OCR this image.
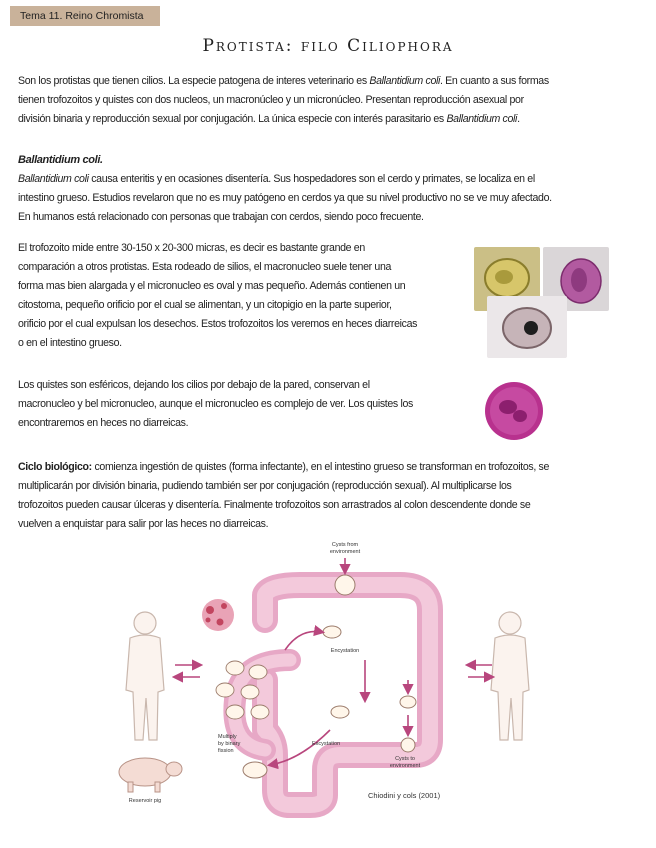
Tema 11. Reino Chromista
Protista: filo Ciliophora
Son los protistas que tienen cilios. La especie patogena de interes veterinario es Ballantidium coli. En cuanto a sus formas
tienen trofozoitos y quistes con dos nucleos, un macronúcleo y un micronúcleo. Presentan reproducción asexual por
división binaria y reproducción sexual por conjugación. La única especie con interés parasitario es Ballantidium coli.
Ballantidium coli.
Ballantidium coli causa enteritis y en ocasiones disentería. Sus hospedadores son el cerdo y primates, se localiza en el
intestino grueso. Estudios revelaron que no es muy patógeno en cerdos ya que su nivel productivo no se ve muy afectado.
En humanos está relacionado con personas que trabajan con cerdos, siendo poco frecuente.
El trofozoito mide entre 30-150 x 20-300 micras, es decir es bastante grande en
comparación a otros protistas. Esta rodeado de silios, el macronucleo suele tener una
forma mas bien alargada y el micronucleo es oval y mas pequeño. Además contienen un
citostoma, pequeño orificio por el cual se alimentan, y un citopigio en la parte superior,
orificio por el cual expulsan los desechos. Estos trofozoitos los veremos en heces diarreicas
o en el intestino grueso.
Los quistes son esféricos, dejando los cilios por debajo de la pared, conservan el
macronucleo y bel micronucleo, aunque el micronucleo es complejo de ver. Los quistes los
encontraremos en heces no diarreicas.
Ciclo biológico: comienza ingestión de quistes (forma infectante), en el intestino grueso se transforman en trofozoitos, se
multiplicarán por división binaria, pudiendo también ser por conjugación (reproducción sexual). Al multiplicarse los
trofozoitos pueden causar úlceras y disentería. Finalmente trofozoitos son arrastrados al colon descendente donde se
vuelven a enquistar para salir por las heces no diarreicas.
Cysts from
environment
Encystation
Excystation
Multiply
by binary
fission
Cysts to
environment
Reservoir pig
Chiodini y cols (2001)
